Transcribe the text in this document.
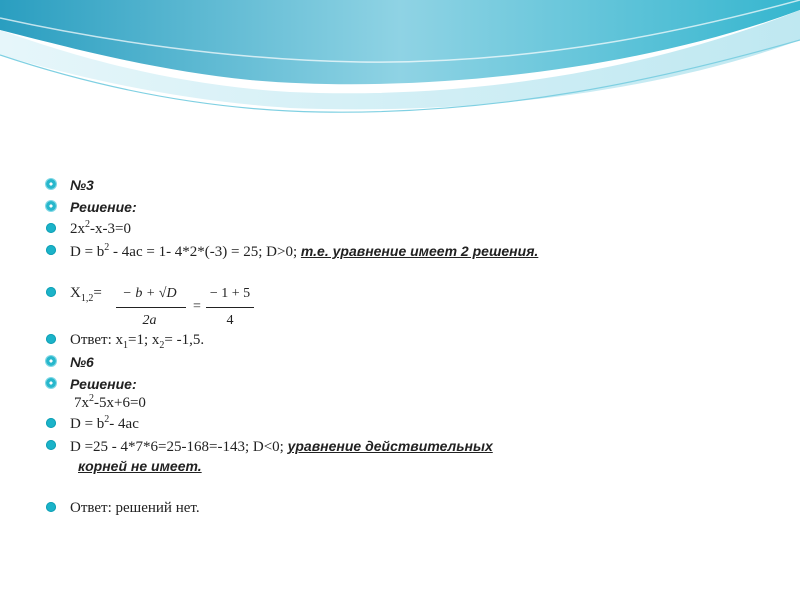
№3
Решение:
$2x^2-x-3=0$
$D = b^2 - 4ac = 1-$ 4*2*(-3) = 25; D>0; т.е. уравнение имеет 2 решения.
$X_{1,2}=$	− b + √D
2a
=
− 1 + 5
4
Ответ: $x_1=1$; $x_2= -1,5$.
№6
Решение:
$7x^2-5x+6=0$
$D = b^2-$ 4ac
D =25 - 4*7*6=25-168=-143; D<0; уравнение действительных
корней не имеет.
Ответ: решений нет.
